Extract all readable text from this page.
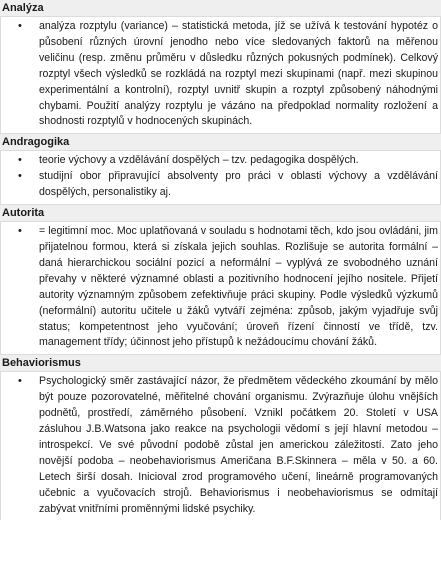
Analýza
• analýza rozptylu (variance) – statistická metoda, jíž se užívá k testování hypotéz o působení různých úrovní jenodho nebo více sledovaných faktorů na měřenou veličinu (resp. změnu průměru v důsledku různých pokusných podmínek). Celkový rozptyl všech výsledků se rozkládá na rozptyl mezi skupinami (např. mezi skupinou experimentální a kontrolní), rozptyl uvnitř skupin a rozptyl způsobený náhodnými chybami. Použití analýzy rozptylu je vázáno na předpoklad normality rozložení a shodnosti rozptylů v hodnocených skupinách.
Andragogika
• teorie výchovy a vzdělávání dospělých – tzv. pedagogika dospělých.
• studijní obor připravující absolventy pro práci v oblasti výchovy a vzdělávání dospělých, personalistiky aj.
Autorita
• = legitimní moc. Moc uplatňovaná v souladu s hodnotami těch, kdo jsou ovládáni, jim přijatelnou formou, která si získala jejich souhlas. Rozlišuje se autorita formální – daná hierarchickou sociální pozicí a neformální – vyplývá ze svobodného uznání převahy v některé významné oblasti a pozitivního hodnocení jejího nositele. Přijetí autority významným způsobem zefektivňuje práci skupiny. Podle výsledků výzkumů (neformální) autoritu učitele u žáků vytváří zejména: způsob, jakým vyjadřuje svůj status; kompetentnost jeho vyučování; úroveň řízení činností ve třídě, tzv. management třídy; účinnost jeho přístupů k nežádoucímu chování žáků.
Behaviorismus
• Psychologický směr zastávající názor, že předmětem vědeckého zkoumání by mělo být pouze pozorovatelné, měřitelné chování organismu. Zvýrazňuje úlohu vnějších podnětů, prostředí, záměrného působení. Vznikl počátkem 20. Století v USA zásluhou J.B.Watsona jako reakce na psychologii vědomí s její hlavní metodou – introspekcí. Ve své původní podobě zůstal jen americkou záležitostí. Zato jeho novější podoba – neobehaviorismus Američana B.F.Skinnera – měla v 50. a 60. Letech širší dosah. Inicioval zrod programového učení, lineárně programovaných učebnic a vyučovacích strojů. Behaviorismus i neobehaviorismus se odmítají zabývat vnitřními proměnnými lidské psychiky.
